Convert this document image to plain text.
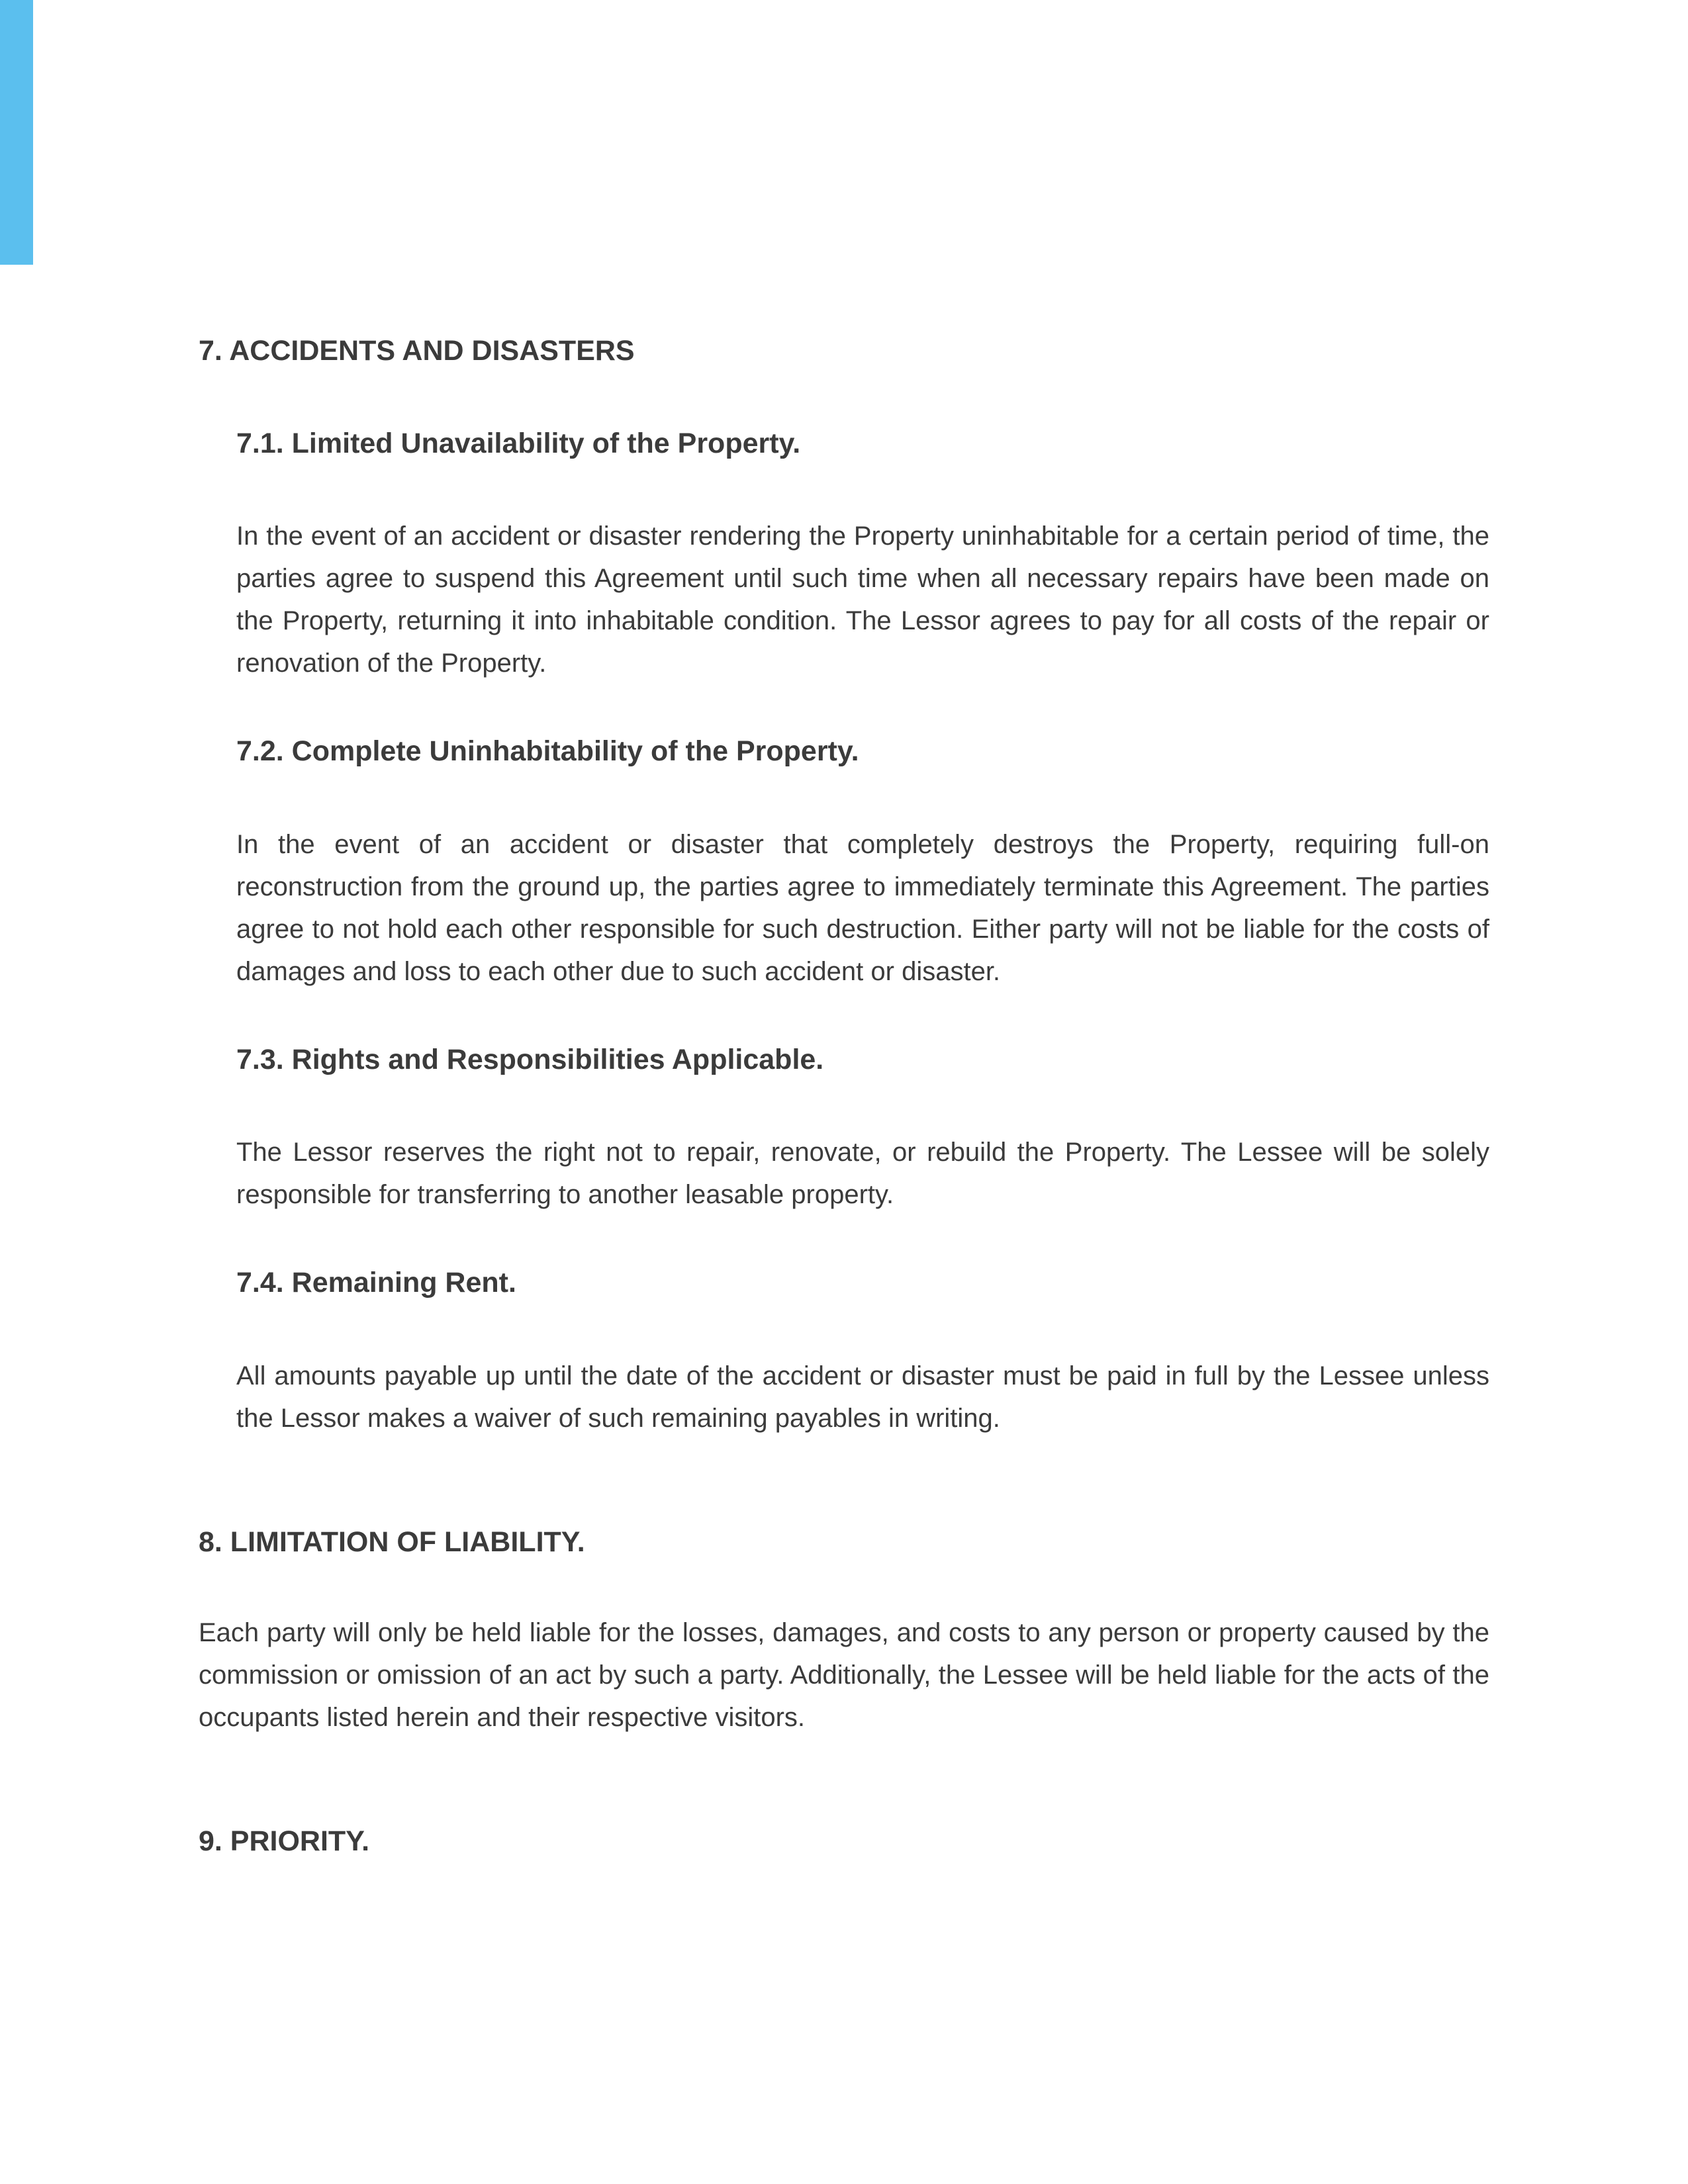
7. ACCIDENTS AND DISASTERS
7.1. Limited Unavailability of the Property.

In the event of an accident or disaster rendering the Property uninhabitable for a certain period of time, the parties agree to suspend this Agreement until such time when all necessary repairs have been made on the Property, returning it into inhabitable condition. The Lessor agrees to pay for all costs of the repair or renovation of the Property.

7.2. Complete Uninhabitability of the Property.

In the event of an accident or disaster that completely destroys the Property, requiring full-on reconstruction from the ground up, the parties agree to immediately terminate this Agreement. The parties agree to not hold each other responsible for such destruction. Either party will not be liable for the costs of damages and loss to each other due to such accident or disaster.

7.3. Rights and Responsibilities Applicable.

The Lessor reserves the right not to repair, renovate, or rebuild the Property. The Lessee will be solely responsible for transferring to another leasable property.

7.4. Remaining Rent.

All amounts payable up until the date of the accident or disaster must be paid in full by the Lessee unless the Lessor makes a waiver of such remaining payables in writing.

8. LIMITATION OF LIABILITY.

Each party will only be held liable for the losses, damages, and costs to any person or property caused by the commission or omission of an act by such a party. Additionally, the Lessee will be held liable for the acts of the occupants listed herein and their respective visitors.

9. PRIORITY.
